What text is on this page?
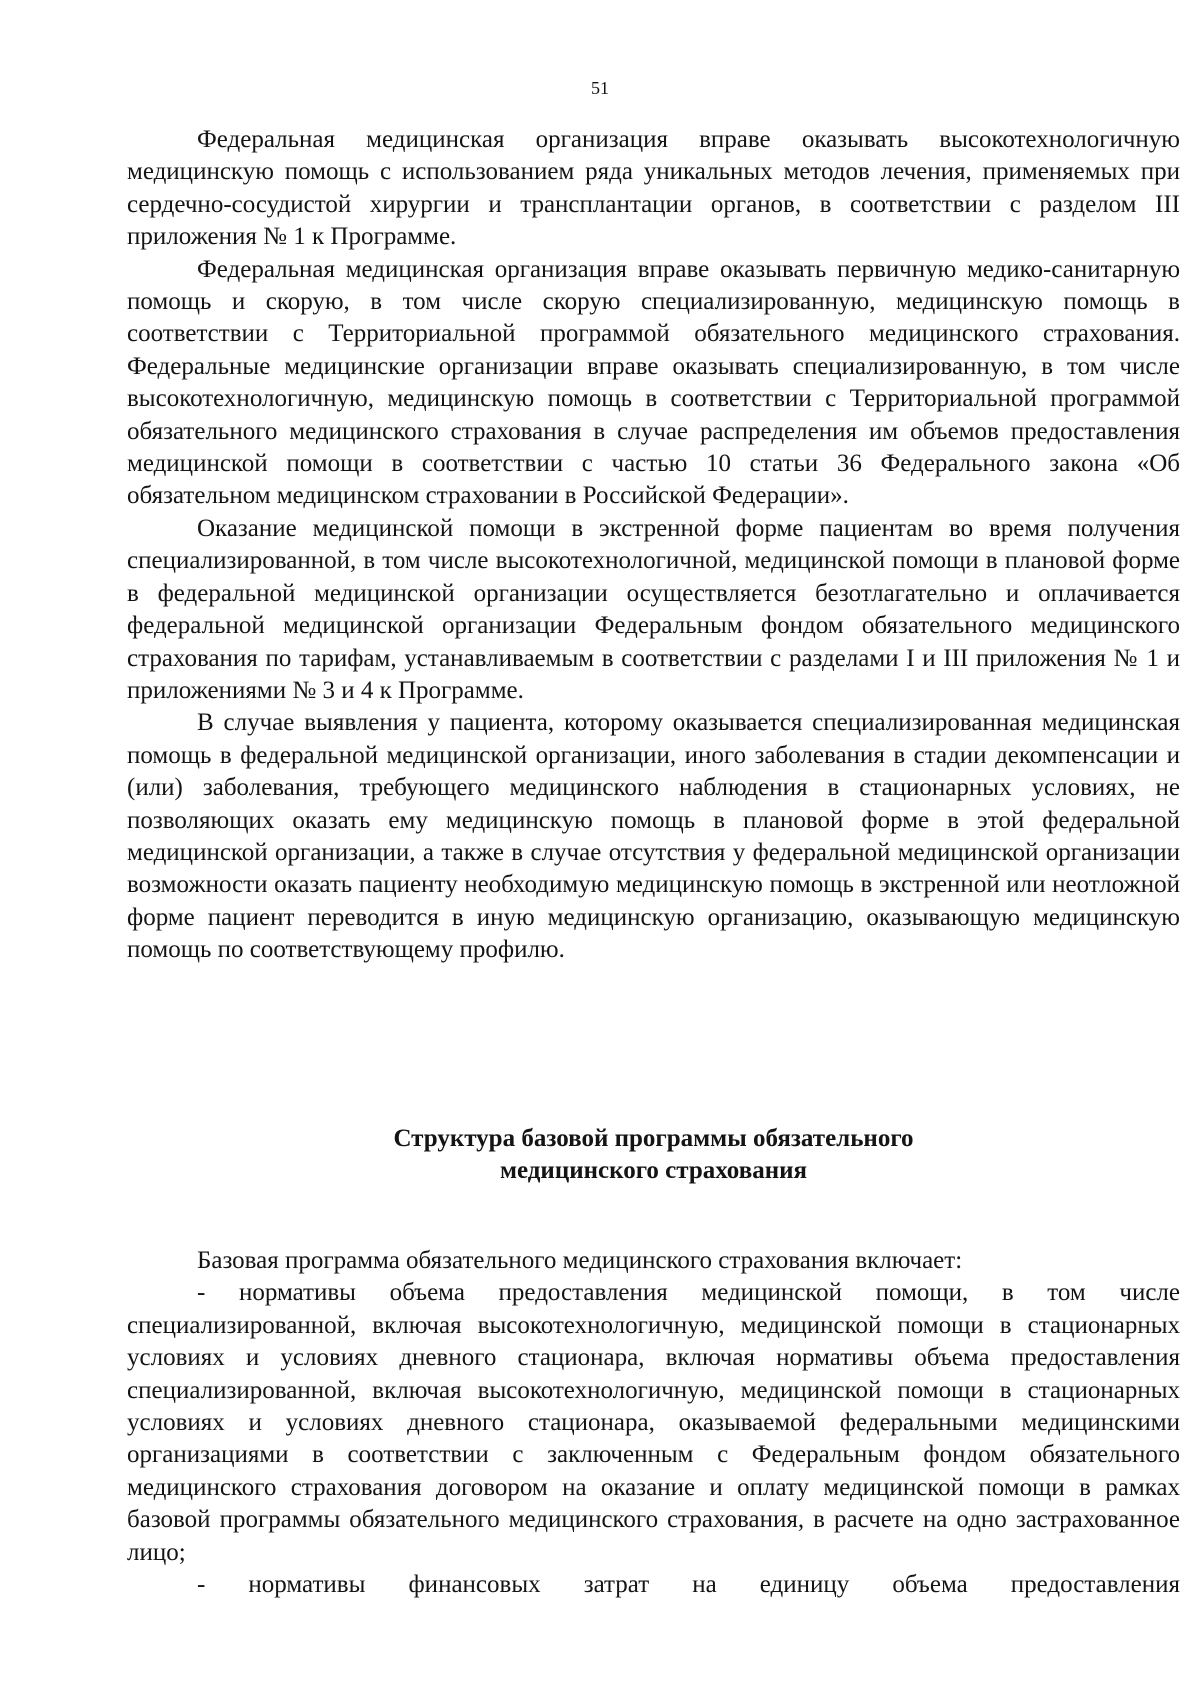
51

Федеральная медицинская организация вправе оказывать высокотехнологичную медицинскую помощь с использованием ряда уникальных методов лечения, применяемых при сердечно-сосудистой хирургии и трансплантации органов, в соответствии с разделом III приложения № 1 к Программе.

Федеральная медицинская организация вправе оказывать первичную медико-санитарную помощь и скорую, в том числе скорую специализированную, медицинскую помощь в соответствии с Территориальной программой обязательного медицинского страхования. Федеральные медицинские организации вправе оказывать специализированную, в том числе высокотехнологичную, медицинскую помощь в соответствии с Территориальной программой обязательного медицинского страхования в случае распределения им объемов предоставления медицинской помощи в соответствии с частью 10 статьи 36 Федерального закона «Об обязательном медицинском страховании в Российской Федерации».

Оказание медицинской помощи в экстренной форме пациентам во время получения специализированной, в том числе высокотехнологичной, медицинской помощи в плановой форме в федеральной медицинской организации осуществляется безотлагательно и оплачивается федеральной медицинской организации Федеральным фондом обязательного медицинского страхования по тарифам, устанавливаемым в соответствии с разделами I и III приложения № 1 и приложениями № 3 и 4 к Программе.

В случае выявления у пациента, которому оказывается специализированная медицинская помощь в федеральной медицинской организации, иного заболевания в стадии декомпенсации и (или) заболевания, требующего медицинского наблюдения в стационарных условиях, не позволяющих оказать ему медицинскую помощь в плановой форме в этой федеральной медицинской организации, а также в случае отсутствия у федеральной медицинской организации возможности оказать пациенту необходимую медицинскую помощь в экстренной или неотложной форме пациент переводится в иную медицинскую организацию, оказывающую медицинскую помощь по соответствующему профилю.

Структура базовой программы обязательного
медицинского страхования

Базовая программа обязательного медицинского страхования включает:

- нормативы объема предоставления медицинской помощи, в том числе специализированной, включая высокотехнологичную, медицинской помощи в стационарных условиях и условиях дневного стационара, включая нормативы объема предоставления специализированной, включая высокотехнологичную, медицинской помощи в стационарных условиях и условиях дневного стационара, оказываемой федеральными медицинскими организациями в соответствии с заключенным с Федеральным фондом обязательного медицинского страхования договором на оказание и оплату медицинской помощи в рамках базовой программы обязательного медицинского страхования, в расчете на одно застрахованное лицо;

- нормативы финансовых затрат на единицу объема предоставления
